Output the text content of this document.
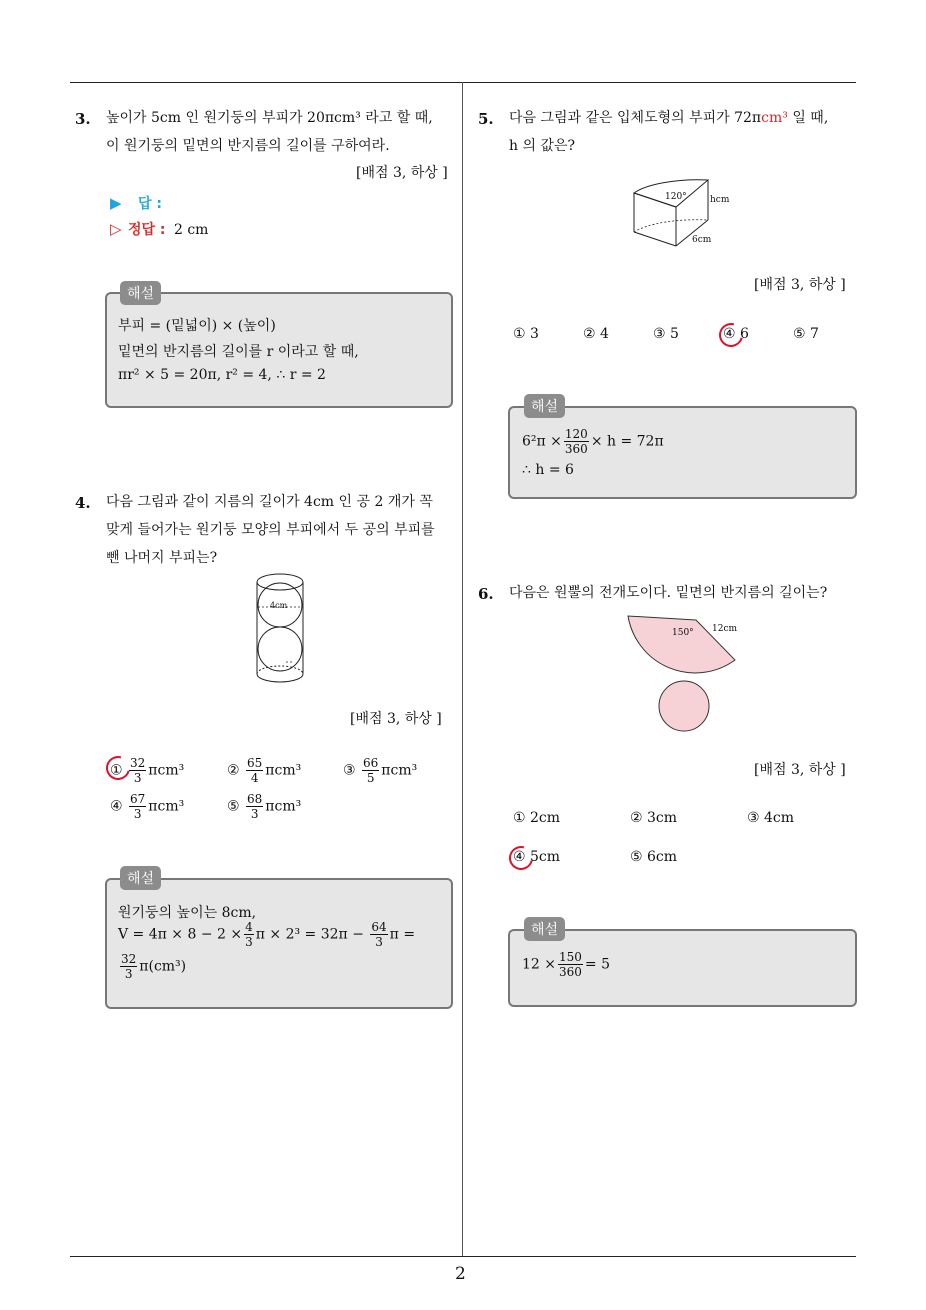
2
3. 높이가 5cm 인 원기둥의 부피가 20πcm³ 라고 할 때,
이 원기둥의 밑면의 반지름의 길이를 구하여라.
[배점 3, 하상 ]
▶ 답 :
▷ 정답 : 2 cm
해설
부피 = (밑넓이) × (높이)
밑면의 반지름의 길이를 r 이라고 할 때,
πr² × 5 = 20π, r² = 4, ∴ r = 2
4. 다음 그림과 같이 지름의 길이가 4cm 인 공 2 개가 꼭
맞게 들어가는 원기둥 모양의 부피에서 두 공의 부피를
뺀 나머지 부피는?
4cm
[배점 3, 하상 ]
① $\frac{32}{3} \pi cm^3$	② $\frac{65}{4} \pi cm^3$	③ $\frac{66}{5} \pi cm^3$
④ $\frac{67}{3} \pi cm^3$	⑤ $\frac{68}{3} \pi cm^3$
해설
원기둥의 높이는 8cm,
$V = 4\pi \times 8 - 2 \times \frac{4}{3}$ $\pi \times 2^3 = 32\pi - \frac{64}{3}$ π =
$\frac{32}{3} \pi(cm^3)$
5. 다음 그림과 같은 입체도형의 부피가 72πcm³ 일 때,
h 의 값은?
120°	hcm
6cm
[배점 3, 하상 ]
① 3	② 4	③ 5	④ 6	⑤ 7
해설
$6^2\pi \times \frac{120}{360} \times h = 72\pi$
∴ h = 6
6. 다음은 원뿔의 전개도이다. 밑면의 반지름의 길이는?
150° 12cm
[배점 3, 하상 ]
① 2cm	② 3cm	③ 4cm
④ 5cm	⑤ 6cm
해설
$12 \times \frac{150}{360} = 5$
